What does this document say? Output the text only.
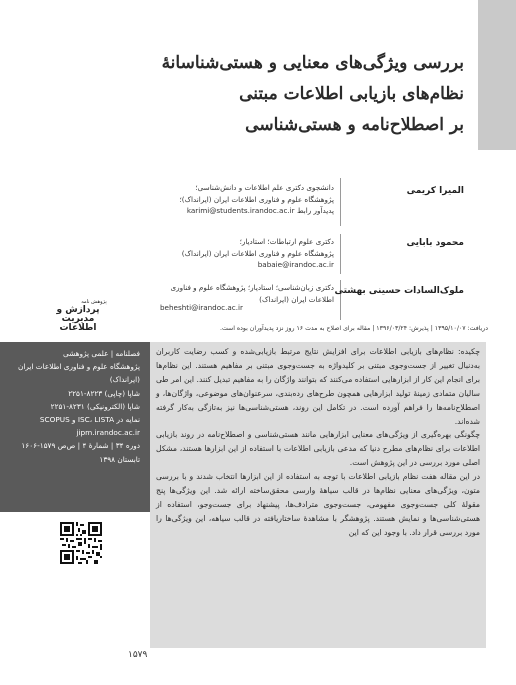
بررسی ویژگی‌های معنایی و هستی‌شناسانۀ
نظام‌های بازیابی اطلاعات مبتنی
بر اصطلاح‌نامه و هستی‌شناسی
المیرا کریمی
دانشجوی دکتری علم اطلاعات و دانش‌شناسی؛
پژوهشگاه علوم و فناوری اطلاعات ایران (ایرانداک)؛
پدیدآور رابط karimi@students.irandoc.ac.ir
محمود بابایی
دکتری علوم ارتباطات؛ استادیار؛
پژوهشگاه علوم و فناوری اطلاعات ایران (ایرانداک)
babaie@irandoc.ac.ir
ملوک‌السادات حسینی بهشتی
دکتری زبان‌شناسی؛ استادیار؛ پژوهشگاه علوم و فناوری
اطلاعات ایران (ایرانداک)
beheshti@irandoc.ac.ir
پژوهش نامه
پردازش و
مدیریت
اطلاعات	دریافت: ۱۳۹۵/۱۰/۰۷ | پذیرش: ۱۳۹۶/۰۳/۲۴ | مقاله برای اصلاح به مدت ۱۶ روز نزد پدیدآوران بوده است.
فصلنامه | علمی پژوهشی
پژوهشگاه علوم و فناوری اطلاعات ایران
(ایرانداک)
شاپا (چاپی) ۸۲۲۳-۲۲۵۱
شاپا (الکترونیکی) ۸۲۳۱-۲۲۵۱
نمایه در ISC، LISTA و SCOPUS
jipm.irandoc.ac.ir
دوره ۳۴ | شمارۀ ۴ | ص‌ص ۱۵۷۹-۱۶۰۶
تابستان ۱۳۹۸

چکیده: نظام‌های بازیابی اطلاعات برای افزایش نتایج مرتبط بازیابی‌شده و کسب رضایت کاربران به‌دنبال تغییر از جست‌وجوی مبتنی بر کلیدواژه به جست‌وجوی مبتنی بر مفاهیم هستند. این نظام‌ها برای انجام این کار از ابزارهایی استفاده می‌کنند که بتوانند واژگان را به مفاهیم تبدیل کنند. این امر طی سالیان متمادی زمینۀ تولید ابزارهایی همچون طرح‌های رده‌بندی، سرعنوان‌های موضوعی، واژگان‌ها، و اصطلاح‌نامه‌ها را فراهم آورده است. در تکامل این روند، هستی‌شناسی‌ها نیز به‌تازگی به‌کار گرفته شده‌اند.

چگونگی بهره‌گیری از ویژگی‌های معنایی ابزارهایی مانند هستی‌شناسی و اصطلاح‌نامه در روند بازیابی اطلاعات برای نظام‌های مطرح دنیا که مدعی بازیابی اطلاعات با استفاده از این ابزارها هستند، مشکل اصلی مورد بررسی در این پژوهش است.

در این مقاله هفت نظام بازیابی اطلاعات با توجه به استفاده از این ابزارها انتخاب شدند و با بررسی متون، ویژگی‌های معنایی نظام‌ها در قالب سیاهۀ وارسی محقق‌ساخته ارائه شد. این ویژگی‌ها پنج مقولۀ کلی جست‌وجوی مفهومی، جست‌وجوی مترادف‌ها، پیشنهاد برای جست‌وجو، استفاده از هستی‌شناسی‌ها و نمایش هستند. پژوهشگر با مشاهدۀ ساختاریافته در قالب سیاهه، این ویژگی‌ها را مورد بررسی قرار داد. با وجود این که این

۱۵۷۹
